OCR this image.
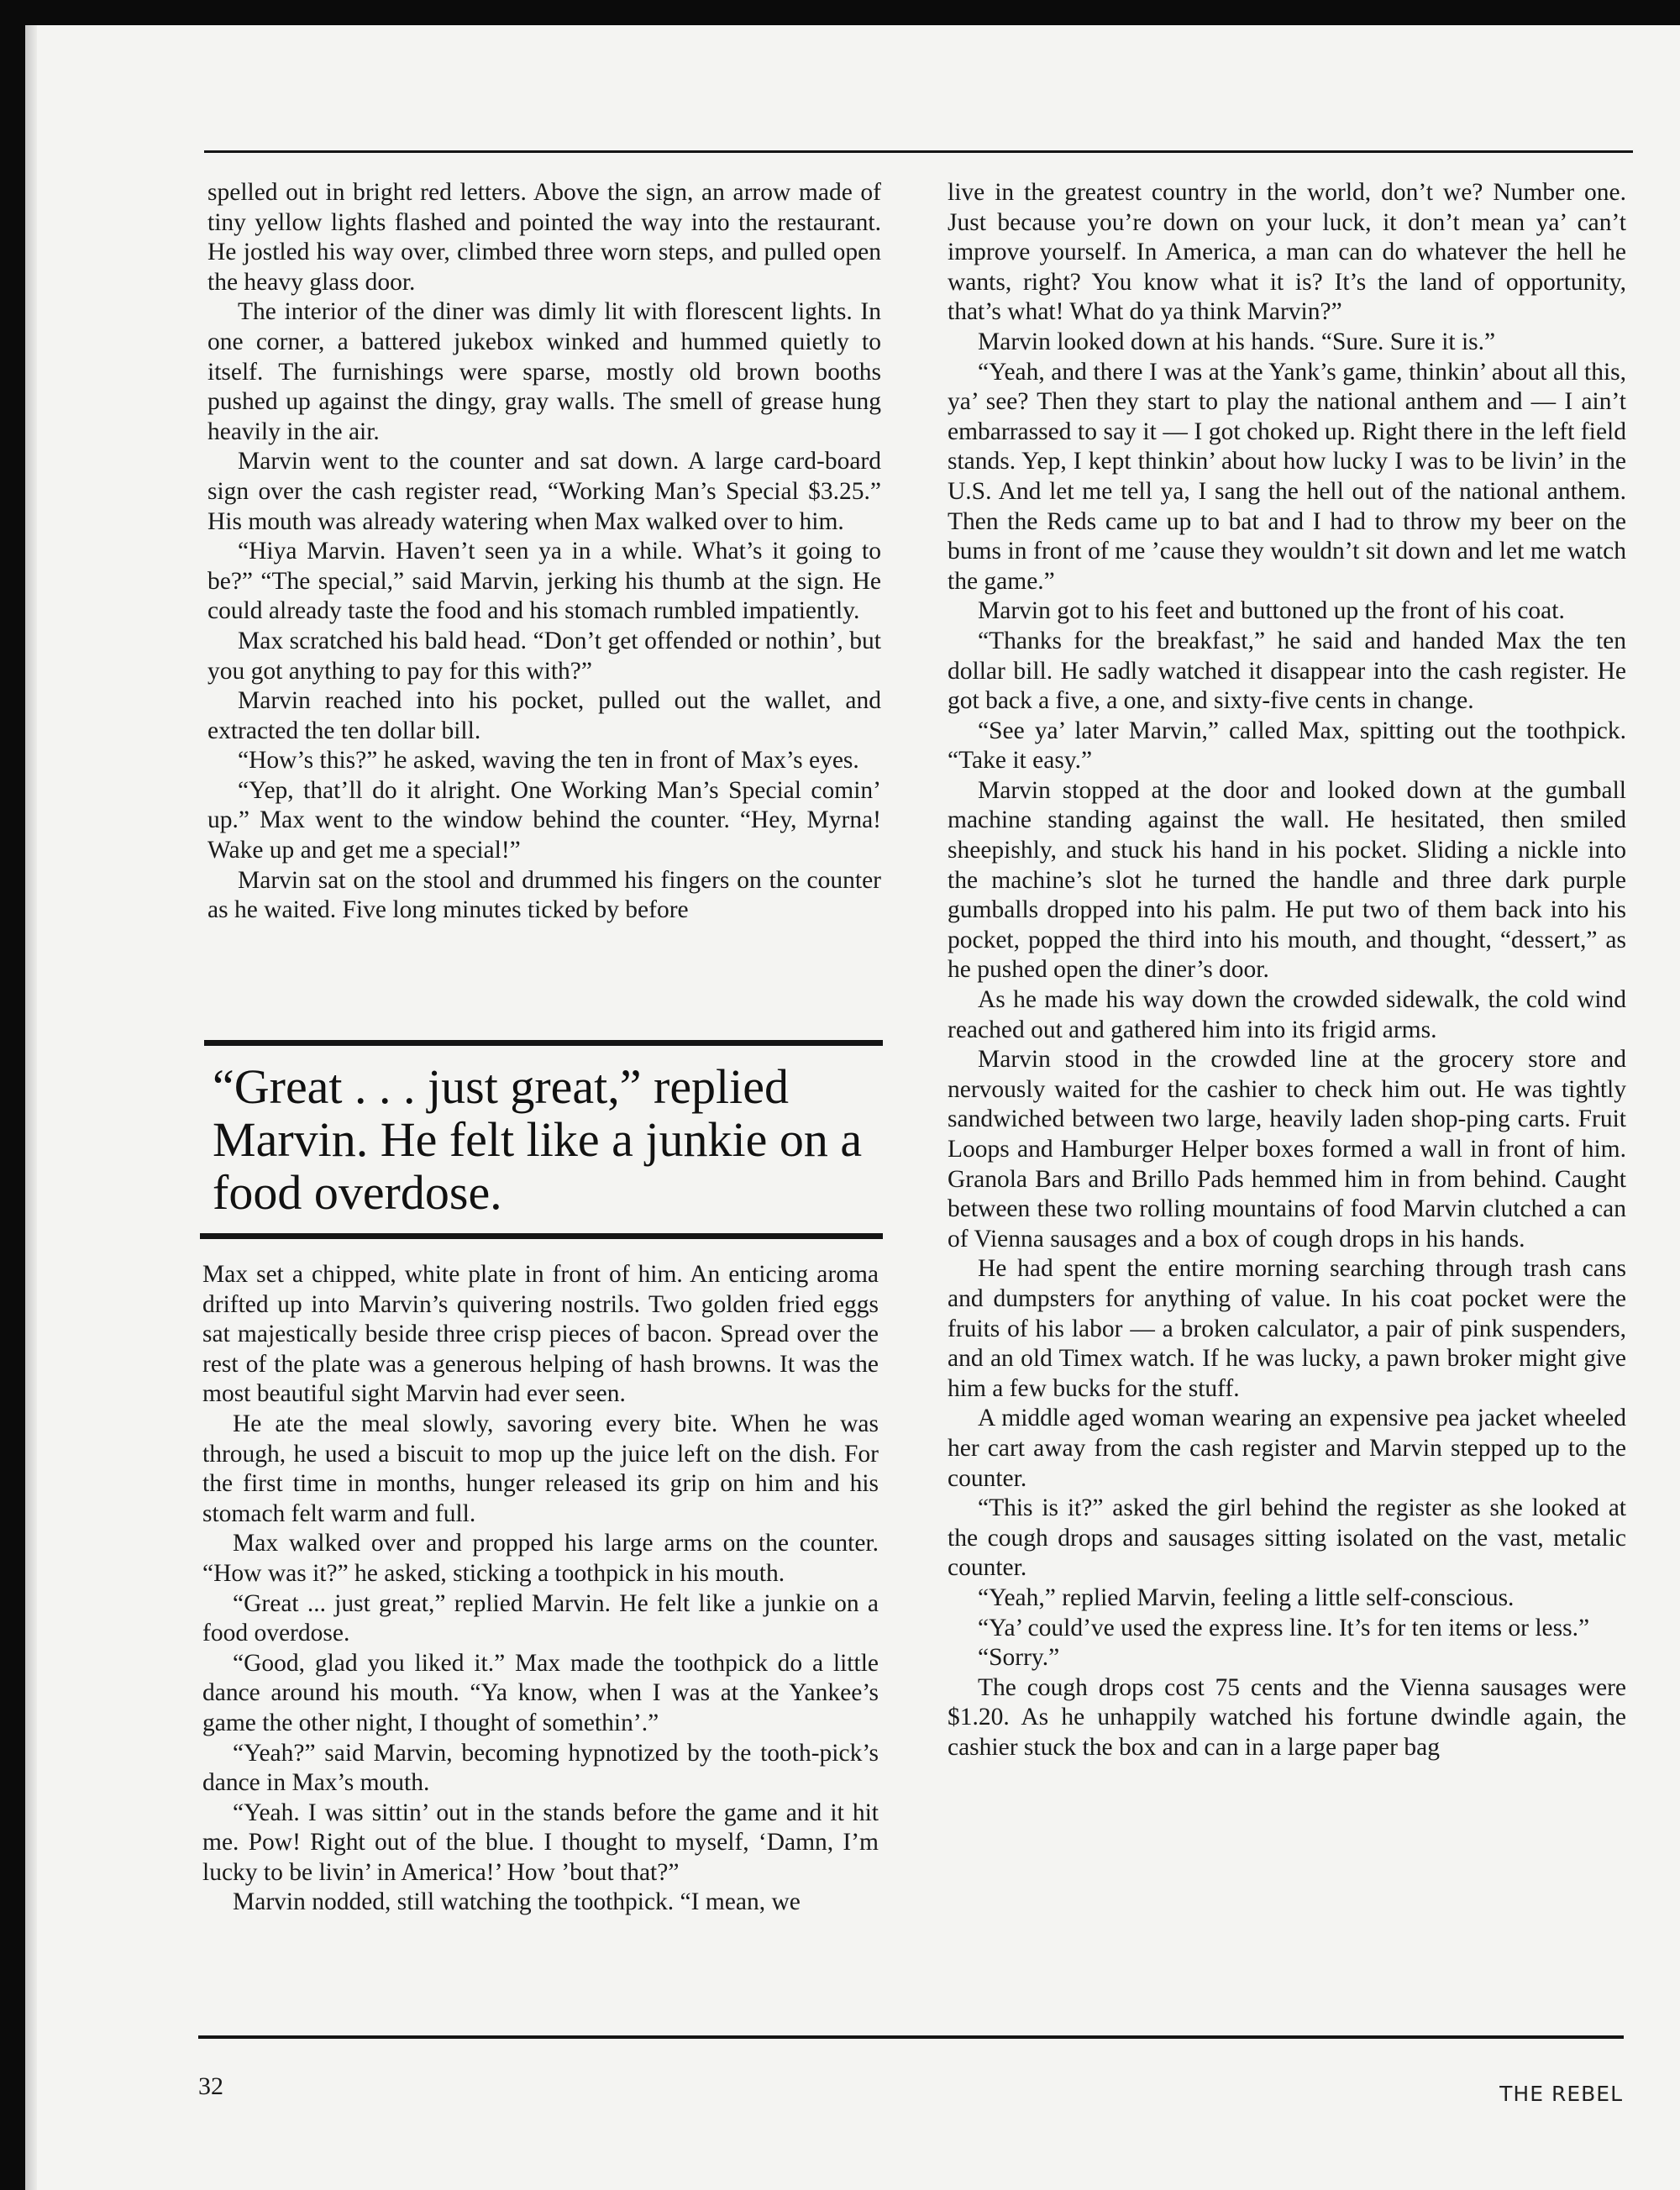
spelled out in bright red letters. Above the sign, an arrow made of tiny yellow lights flashed and pointed the way into the restaurant. He jostled his way over, climbed three worn steps, and pulled open the heavy glass door.

The interior of the diner was dimly lit with florescent lights. In one corner, a battered jukebox winked and hummed quietly to itself. The furnishings were sparse, mostly old brown booths pushed up against the dingy, gray walls. The smell of grease hung heavily in the air.

Marvin went to the counter and sat down. A large card-board sign over the cash register read, “Working Man’s Special $3.25.” His mouth was already watering when Max walked over to him.

“Hiya Marvin. Haven’t seen ya in a while. What’s it going to be?” “The special,” said Marvin, jerking his thumb at the sign. He could already taste the food and his stomach rumbled impatiently.

Max scratched his bald head. “Don’t get offended or nothin’, but you got anything to pay for this with?”

Marvin reached into his pocket, pulled out the wallet, and extracted the ten dollar bill.

“How’s this?” he asked, waving the ten in front of Max’s eyes.

“Yep, that’ll do it alright. One Working Man’s Special comin’ up.” Max went to the window behind the counter. “Hey, Myrna! Wake up and get me a special!”

Marvin sat on the stool and drummed his fingers on the counter as he waited. Five long minutes ticked by before

“Great . . . just great,” replied Marvin. He felt like a junkie on a food overdose.

Max set a chipped, white plate in front of him. An enticing aroma drifted up into Marvin’s quivering nostrils. Two golden fried eggs sat majestically beside three crisp pieces of bacon. Spread over the rest of the plate was a generous helping of hash browns. It was the most beautiful sight Marvin had ever seen.

He ate the meal slowly, savoring every bite. When he was through, he used a biscuit to mop up the juice left on the dish. For the first time in months, hunger released its grip on him and his stomach felt warm and full.

Max walked over and propped his large arms on the counter. “How was it?” he asked, sticking a toothpick in his mouth.

“Great ... just great,” replied Marvin. He felt like a junkie on a food overdose.

“Good, glad you liked it.” Max made the toothpick do a little dance around his mouth. “Ya know, when I was at the Yankee’s game the other night, I thought of somethin’.”

“Yeah?” said Marvin, becoming hypnotized by the tooth-pick’s dance in Max’s mouth.

“Yeah. I was sittin’ out in the stands before the game and it hit me. Pow! Right out of the blue. I thought to myself, ‘Damn, I’m lucky to be livin’ in America!’ How ’bout that?”

Marvin nodded, still watching the toothpick. “I mean, we

live in the greatest country in the world, don’t we? Number one. Just because you’re down on your luck, it don’t mean ya’ can’t improve yourself. In America, a man can do whatever the hell he wants, right? You know what it is? It’s the land of opportunity, that’s what! What do ya think Marvin?”

Marvin looked down at his hands. “Sure. Sure it is.”

“Yeah, and there I was at the Yank’s game, thinkin’ about all this, ya’ see? Then they start to play the national anthem and — I ain’t embarrassed to say it — I got choked up. Right there in the left field stands. Yep, I kept thinkin’ about how lucky I was to be livin’ in the U.S. And let me tell ya, I sang the hell out of the national anthem. Then the Reds came up to bat and I had to throw my beer on the bums in front of me ’cause they wouldn’t sit down and let me watch the game.”

Marvin got to his feet and buttoned up the front of his coat.

“Thanks for the breakfast,” he said and handed Max the ten dollar bill. He sadly watched it disappear into the cash register. He got back a five, a one, and sixty-five cents in change.

“See ya’ later Marvin,” called Max, spitting out the toothpick. “Take it easy.”

Marvin stopped at the door and looked down at the gumball machine standing against the wall. He hesitated, then smiled sheepishly, and stuck his hand in his pocket. Sliding a nickle into the machine’s slot he turned the handle and three dark purple gumballs dropped into his palm. He put two of them back into his pocket, popped the third into his mouth, and thought, “dessert,” as he pushed open the diner’s door.

As he made his way down the crowded sidewalk, the cold wind reached out and gathered him into its frigid arms.

Marvin stood in the crowded line at the grocery store and nervously waited for the cashier to check him out. He was tightly sandwiched between two large, heavily laden shop-ping carts. Fruit Loops and Hamburger Helper boxes formed a wall in front of him. Granola Bars and Brillo Pads hemmed him in from behind. Caught between these two rolling mountains of food Marvin clutched a can of Vienna sausages and a box of cough drops in his hands.

He had spent the entire morning searching through trash cans and dumpsters for anything of value. In his coat pocket were the fruits of his labor — a broken calculator, a pair of pink suspenders, and an old Timex watch. If he was lucky, a pawn broker might give him a few bucks for the stuff.

A middle aged woman wearing an expensive pea jacket wheeled her cart away from the cash register and Marvin stepped up to the counter.

“This is it?” asked the girl behind the register as she looked at the cough drops and sausages sitting isolated on the vast, metalic counter.

“Yeah,” replied Marvin, feeling a little self-conscious.

“Ya’ could’ve used the express line. It’s for ten items or less.”

“Sorry.”

The cough drops cost 75 cents and the Vienna sausages were $1.20. As he unhappily watched his fortune dwindle again, the cashier stuck the box and can in a large paper bag

32	THE REBEL
